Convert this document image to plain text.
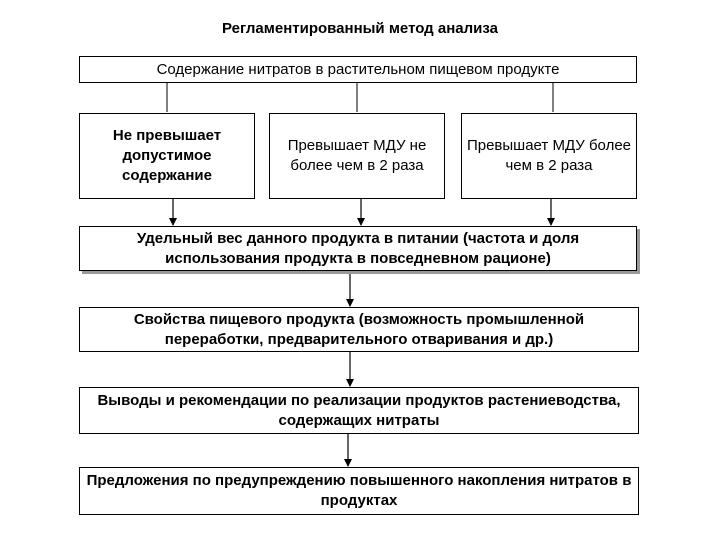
Регламентированный метод анализа
Содержание нитратов в растительном пищевом продукте
Не превышает допустимое содержание
Превышает МДУ не более чем в 2 раза
Превышает МДУ более чем в 2 раза
Удельный вес данного продукта в питании (частота и доля использования продукта в повседневном рационе)
Свойства пищевого продукта (возможность промышленной переработки, предварительного отваривания и др.)
Выводы и рекомендации по реализации продуктов растениеводства, содержащих нитраты
Предложения по предупреждению повышенного накопления нитратов в продуктах
